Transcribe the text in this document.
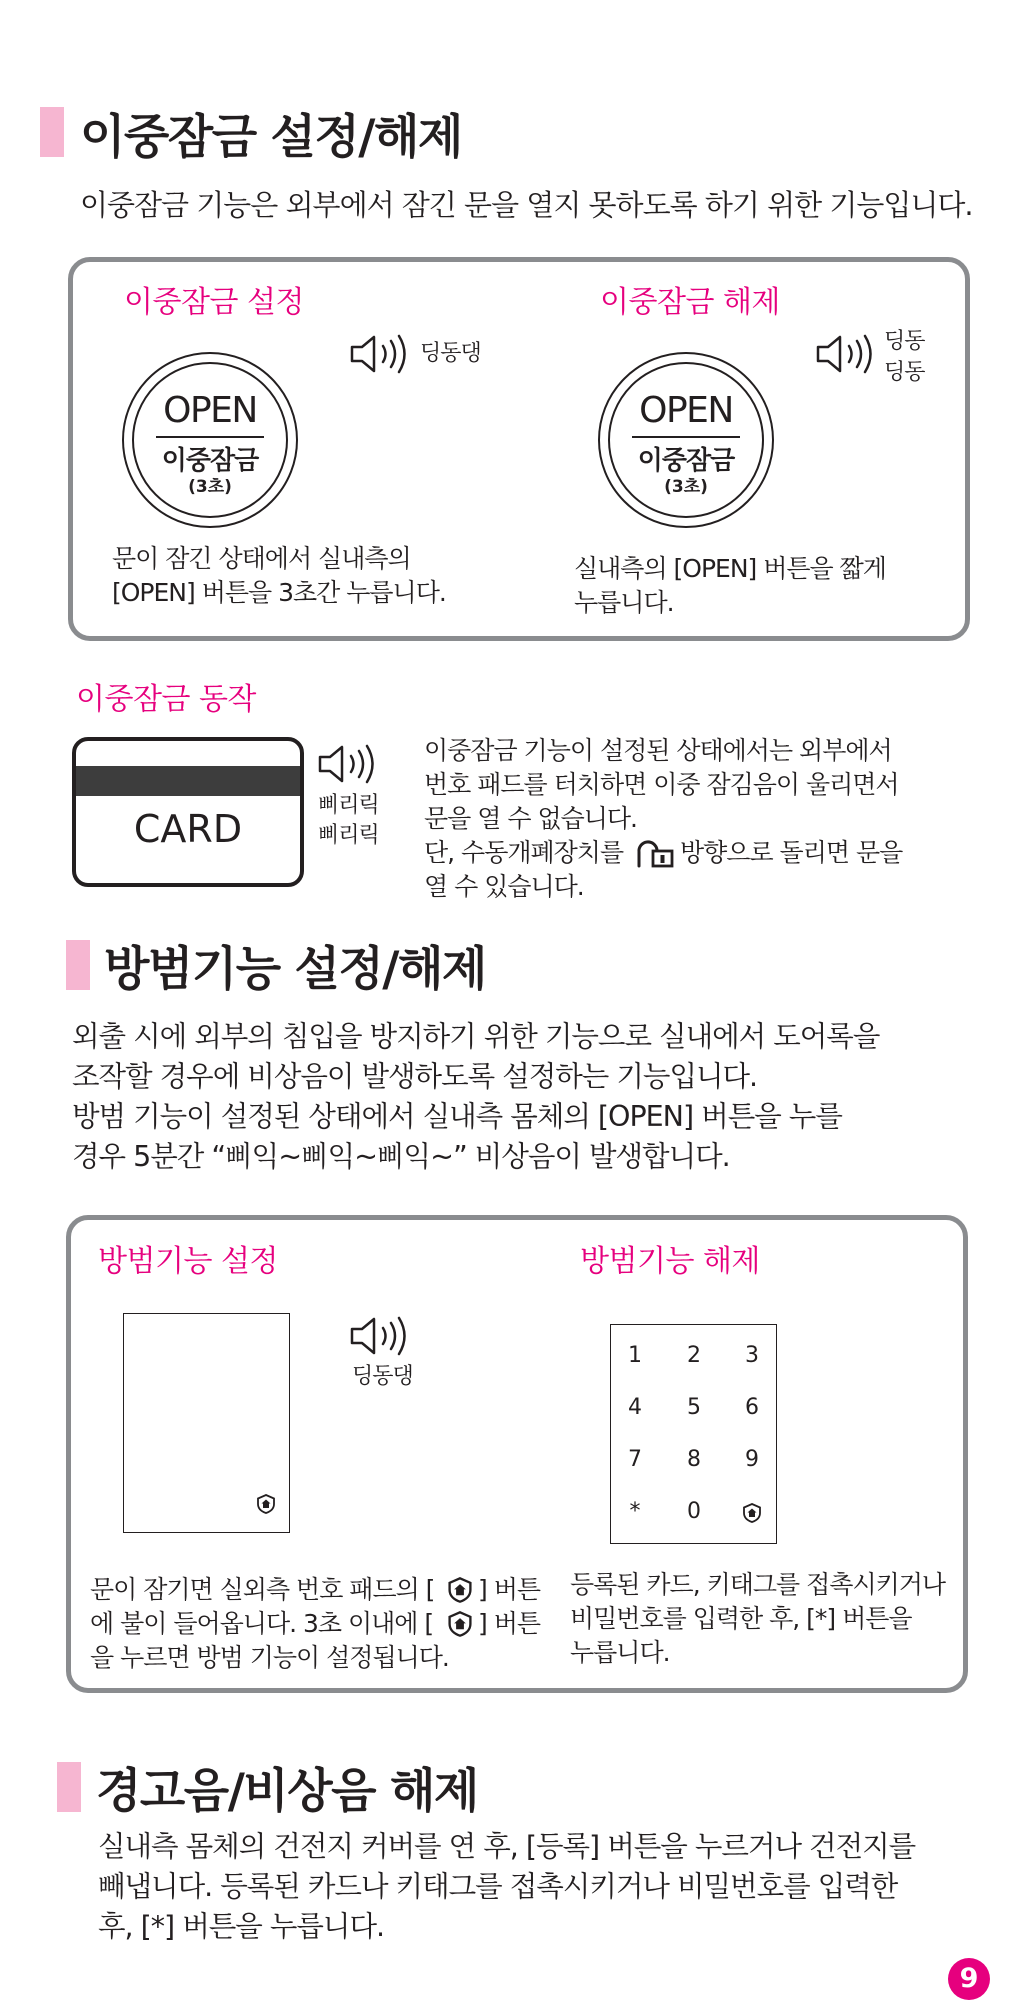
이중잠금 설정/해제
이중잠금 기능은 외부에서 잠긴 문을 열지 못하도록 하기 위한 기능입니다.
이중잠금 설정
딩동댕
OPEN
이중잠금
(3초)
문이 잠긴 상태에서 실내측의
[OPEN] 버튼을 3초간 누릅니다.
이중잠금 해제
딩동
딩동
OPEN
이중잠금
(3초)
실내측의 [OPEN] 버튼을 짧게
누릅니다.
이중잠금 동작
CARD
삐리릭
삐리릭
이중잠금 기능이 설정된 상태에서는 외부에서
번호 패드를 터치하면 이중 잠김음이 울리면서
문을 열 수 없습니다.
단, 수동개폐장치를 방향으로 돌리면 문을
열 수 있습니다.
방범기능 설정/해제
외출 시에 외부의 침입을 방지하기 위한 기능으로 실내에서 도어록을
조작할 경우에 비상음이 발생하도록 설정하는 기능입니다.
방범 기능이 설정된 상태에서 실내측 몸체의 [OPEN] 버튼을 누를
경우 5분간 “삐익~삐익~삐익~” 비상음이 발생합니다.
방범기능 설정
딩동댕
문이 잠기면 실외측 번호 패드의 [ ] 버튼
에 불이 들어옵니다. 3초 이내에 [ ] 버튼
을 누르면 방범 기능이 설정됩니다.
방범기능 해제
1	2	3
4	5	6
7	8	9
*	0
등록된 카드, 키태그를 접촉시키거나
비밀번호를 입력한 후, [*] 버튼을
누릅니다.
경고음/비상음 해제
실내측 몸체의 건전지 커버를 연 후, [등록] 버튼을 누르거나 건전지를
빼냅니다. 등록된 카드나 키태그를 접촉시키거나 비밀번호를 입력한
후, [*] 버튼을 누릅니다.
9
